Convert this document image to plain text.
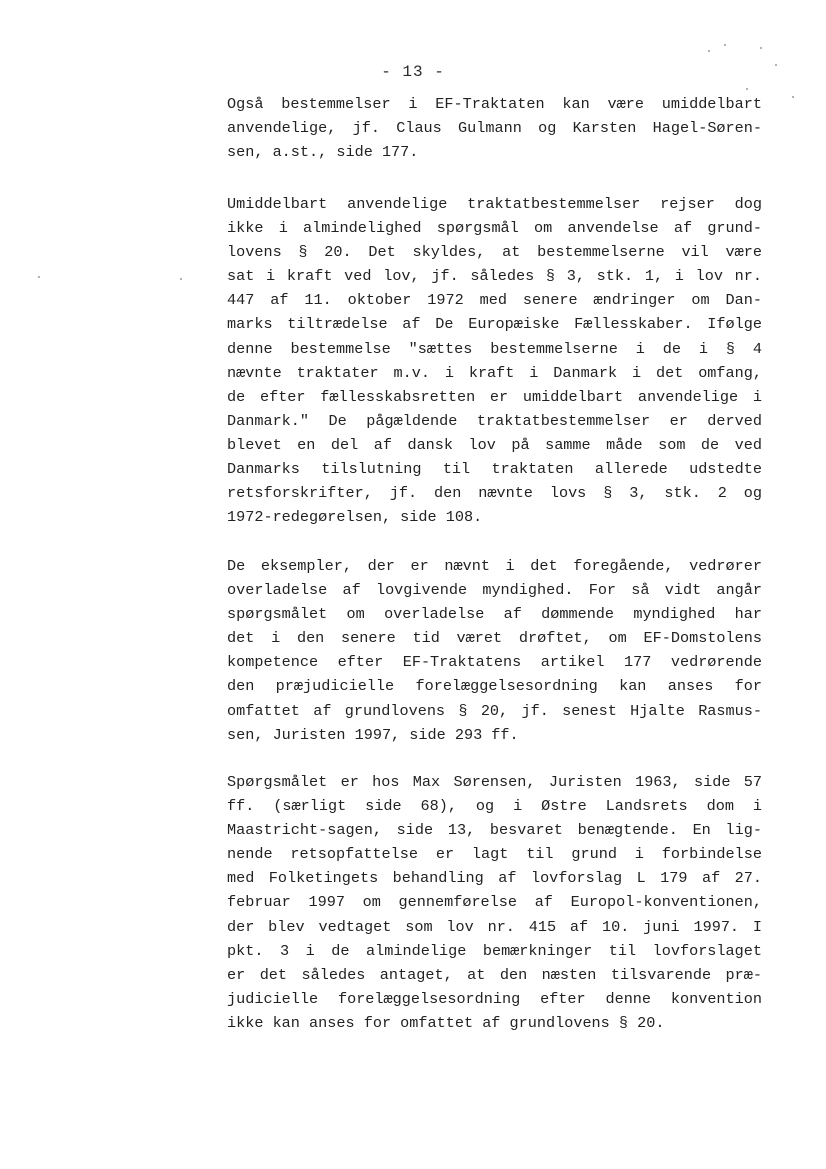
- 13 -
Også bestemmelser i EF-Traktaten kan være umiddelbart
anvendelige, jf. Claus Gulmann og Karsten Hagel-Søren-
sen, a.st., side 177.
Umiddelbart anvendelige traktatbestemmelser rejser dog
ikke i almindelighed spørgsmål om anvendelse af grund-
lovens § 20. Det skyldes, at bestemmelserne vil være
sat i kraft ved lov, jf. således § 3, stk. 1, i lov nr.
447 af 11. oktober 1972 med senere ændringer om Dan-
marks tiltrædelse af De Europæiske Fællesskaber. Ifølge
denne bestemmelse "sættes bestemmelserne i de i § 4
nævnte traktater m.v. i kraft i Danmark i det omfang,
de efter fællesskabsretten er umiddelbart anvendelige i
Danmark." De pågældende traktatbestemmelser er derved
blevet en del af dansk lov på samme måde som de ved
Danmarks tilslutning til traktaten allerede udstedte
retsforskrifter, jf. den nævnte lovs § 3, stk. 2 og
1972-redegørelsen, side 108.
De eksempler, der er nævnt i det foregående, vedrører
overladelse af lovgivende myndighed. For så vidt angår
spørgsmålet om overladelse af dømmende myndighed har
det i den senere tid været drøftet, om EF-Domstolens
kompetence efter EF-Traktatens artikel 177 vedrørende
den præjudicielle forelæggelsesordning kan anses for
omfattet af grundlovens § 20, jf. senest Hjalte Rasmus-
sen, Juristen 1997, side 293 ff.
Spørgsmålet er hos Max Sørensen, Juristen 1963, side 57
ff. (særligt side 68), og i Østre Landsrets dom i
Maastricht-sagen, side 13, besvaret benægtende. En lig-
nende retsopfattelse er lagt til grund i forbindelse
med Folketingets behandling af lovforslag L 179 af 27.
februar 1997 om gennemførelse af Europol-konventionen,
der blev vedtaget som lov nr. 415 af 10. juni 1997. I
pkt. 3 i de almindelige bemærkninger til lovforslaget
er det således antaget, at den næsten tilsvarende præ-
judicielle forelæggelsesordning efter denne konvention
ikke kan anses for omfattet af grundlovens § 20.
